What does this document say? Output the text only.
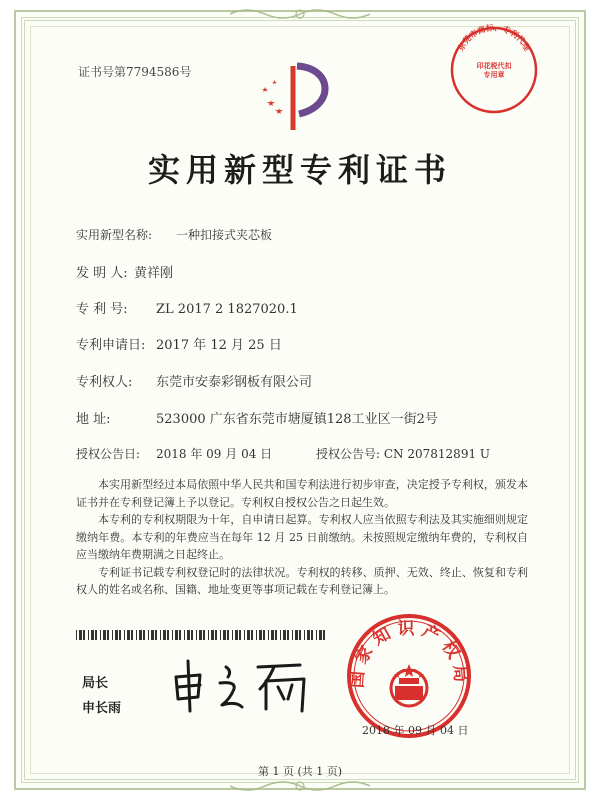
证书号第7794586号
实用新型专利证书
实用新型名称: 一种扣接式夹芯板
发 明 人: 黄祥刚
专 利 号: ZL 2017 2 1827020.1
专利申请日: 2017 年 12 月 25 日
专利权人: 东莞市安泰彩钢板有限公司
地 址:	523000 广东省东莞市塘厦镇128工业区一街2号
授权公告日: 2018 年 09 月 04 日	授权公告号: CN 207812891 U

本实用新型经过本局依照中华人民共和国专利法进行初步审查，决定授予专利权，颁发本证书并在专利登记簿上予以登记。专利权自授权公告之日起生效。

本专利的专利权期限为十年，自申请日起算。专利权人应当依照专利法及其实施细则规定缴纳年费。本专利的年费应当在每年 12 月 25 日前缴纳。未按照规定缴纳年费的，专利权自应当缴纳年费期满之日起终止。

专利证书记载专利权登记时的法律状况。专利权的转移、质押、无效、终止、恢复和专利权人的姓名或名称、国籍、地址变更等事项记载在专利登记簿上。

局长
申长雨
国家知识产权局
2018 年 09 月 04 日
东莞市商标、专利代理
印花税代扣专用章
第 1 页 (共 1 页)
